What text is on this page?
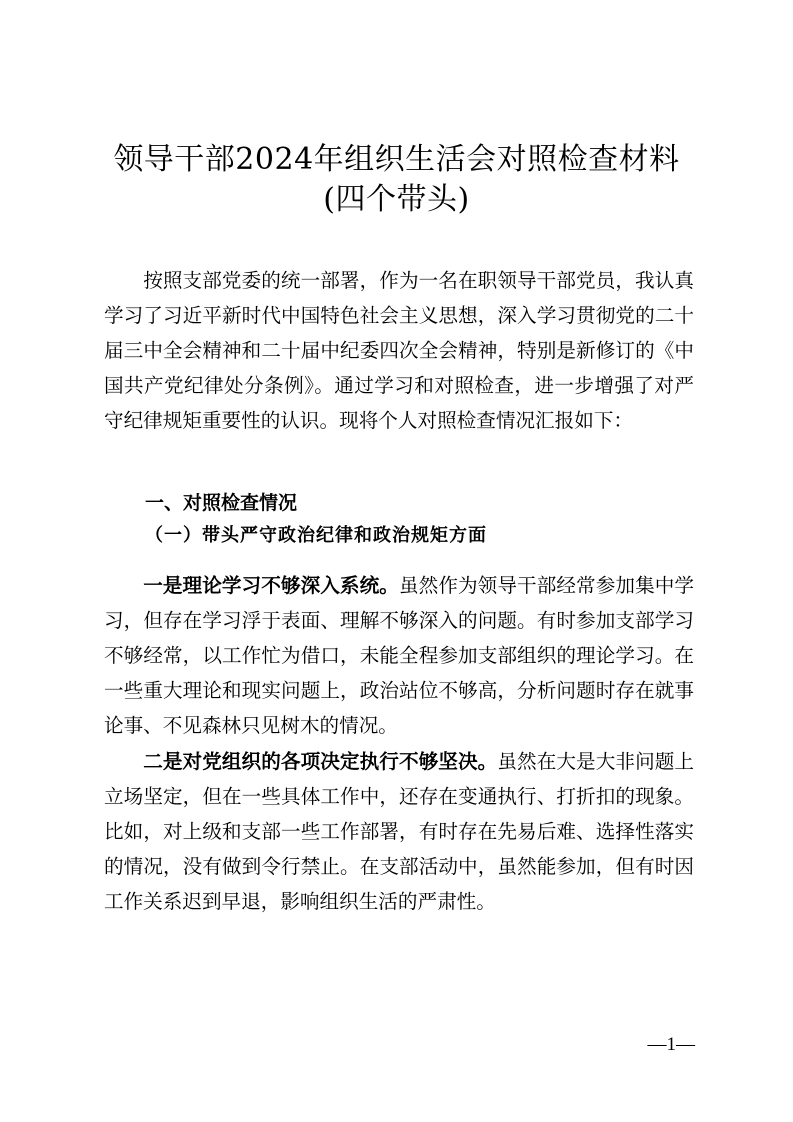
领导干部2024年组织生活会对照检查材料
(四个带头)

按照支部党委的统一部署，作为一名在职领导干部党员，我认真学习了习近平新时代中国特色社会主义思想，深入学习贯彻党的二十届三中全会精神和二十届中纪委四次全会精神，特别是新修订的《中国共产党纪律处分条例》。通过学习和对照检查，进一步增强了对严守纪律规矩重要性的认识。现将个人对照检查情况汇报如下：

一、对照检查情况
（一）带头严守政治纪律和政治规矩方面

一是理论学习不够深入系统。虽然作为领导干部经常参加集中学习，但存在学习浮于表面、理解不够深入的问题。有时参加支部学习不够经常，以工作忙为借口，未能全程参加支部组织的理论学习。在一些重大理论和现实问题上，政治站位不够高，分析问题时存在就事论事、不见森林只见树木的情况。

二是对党组织的各项决定执行不够坚决。虽然在大是大非问题上立场坚定，但在一些具体工作中，还存在变通执行、打折扣的现象。比如，对上级和支部一些工作部署，有时存在先易后难、选择性落实的情况，没有做到令行禁止。在支部活动中，虽然能参加，但有时因工作关系迟到早退，影响组织生活的严肃性。

—1—
